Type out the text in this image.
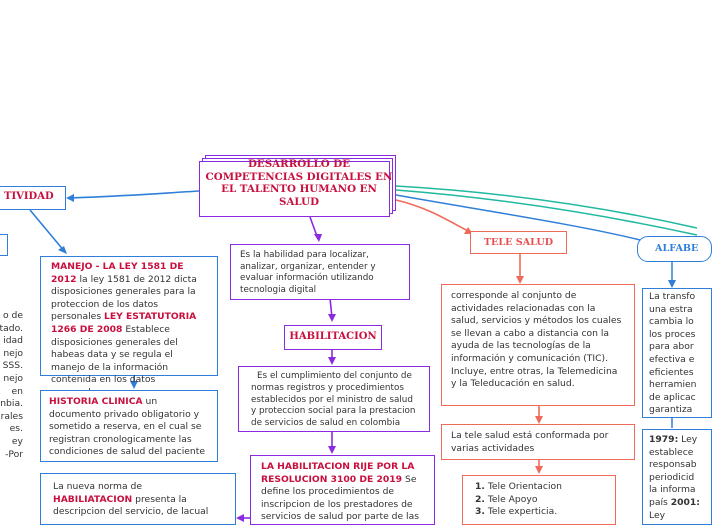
DESARROLLO DE COMPETENCIAS DIGITALES EN EL TALENTO HUMANO EN SALUD
TIVIDAD
o de
tado.
idad
nejo
SSS.
nejo
en
nbia.
rales
es.
ey
-Por
MANEJO - LA LEY 1581 DE 2012 la ley 1581 de 2012 dicta disposiciones generales para la proteccion de los datos personales LEY ESTATUTORIA 1266 DE 2008 Establece disposiciones generales del habeas data y se regula el manejo de la información contenida en los datos
HISTORIA CLINICA un documento privado obligatorio y sometido a reserva, en el cual se registran cronologicamente las condiciones de salud del paciente
La nueva norma de HABILIATACION presenta la descripcion del servicio, de lacual
Es la habilidad para localizar, analizar, organizar, entender y evaluar información utilizando tecnologia digital
HABILITACION
Es el cumplimiento del conjunto de normas registros y procedimientos establecidos por el ministro de salud y proteccion social para la prestacion de servicios de salud en colombia
LA HABILITACION RIJE POR LA RESOLUCION 3100 DE 2019 Se define los procedimientos de inscripcion de los prestadores de servicios de salud por parte de las
TELE SALUD
corresponde al conjunto de actividades relacionadas con la salud, servicios y métodos los cuales se llevan a cabo a distancia con la ayuda de las tecnologías de la información y comunicación (TIC). Incluye, entre otras, la Telemedicina y la Teleducación en salud.
La tele salud está conformada por varias actividades
1. Tele Orientacion
2. Tele Apoyo
3. Tele experticia.
ALFABE
La transfo una estra cambia lo los proces para abor efectiva e eficientes herramien de aplicac garantiza
1979: Ley establece responsab periodicid la informa país 2001: Ley
